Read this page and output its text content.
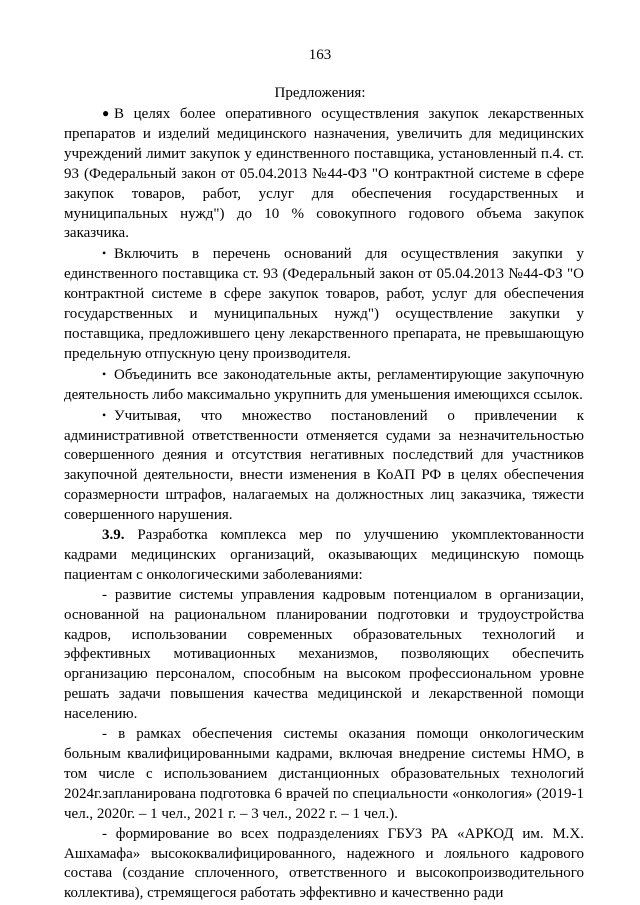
163
Предложения:

● В целях более оперативного осуществления закупок лекарственных препаратов и изделий медицинского назначения, увеличить для медицинских учреждений лимит закупок у единственного поставщика, установленный п.4. ст. 93 (Федеральный закон от 05.04.2013 №44-ФЗ "О контрактной системе в сфере закупок товаров, работ, услуг для обеспечения государственных и муниципальных нужд") до 10 % совокупного годового объема закупок заказчика.

• Включить в перечень оснований для осуществления закупки у единственного поставщика ст. 93 (Федеральный закон от 05.04.2013 №44-ФЗ "О контрактной системе в сфере закупок товаров, работ, услуг для обеспечения государственных и муниципальных нужд") осуществление закупки у поставщика, предложившего цену лекарственного препарата, не превышающую предельную отпускную цену производителя.

• Объединить все законодательные акты, регламентирующие закупочную деятельность либо максимально укрупнить для уменьшения имеющихся ссылок.

• Учитывая, что множество постановлений о привлечении к административной ответственности отменяется судами за незначительностью совершенного деяния и отсутствия негативных последствий для участников закупочной деятельности, внести изменения в КоАП РФ в целях обеспечения соразмерности штрафов, налагаемых на должностных лиц заказчика, тяжести совершенного нарушения.

3.9. Разработка комплекса мер по улучшению укомплектованности кадрами медицинских организаций, оказывающих медицинскую помощь пациентам с онкологическими заболеваниями:

- развитие системы управления кадровым потенциалом в организации, основанной на рациональном планировании подготовки и трудоустройства кадров, использовании современных образовательных технологий и эффективных мотивационных механизмов, позволяющих обеспечить организацию персоналом, способным на высоком профессиональном уровне решать задачи повышения качества медицинской и лекарственной помощи населению.

- в рамках обеспечения системы оказания помощи онкологическим больным квалифицированными кадрами, включая внедрение системы НМО, в том числе с использованием дистанционных образовательных технологий 2024г.запланирована подготовка 6 врачей по специальности «онкология» (2019-1 чел., 2020г. – 1 чел., 2021 г. – 3 чел., 2022 г. – 1 чел.).

- формирование во всех подразделениях ГБУЗ РА «АРКОД им. М.Х. Ашхамафа» высококвалифицированного, надежного и лояльного кадрового состава (создание сплоченного, ответственного и высокопроизводительного коллектива), стремящегося работать эффективно и качественно ради
